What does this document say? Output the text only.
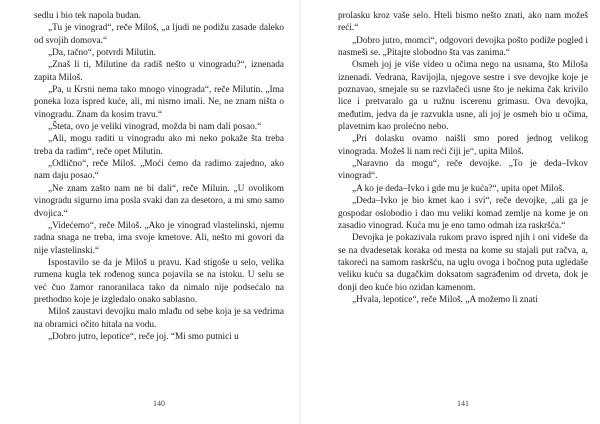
sedlu i bio tek napola budan.

„Tu je vinograd“, reče Miloš, „a ljudi ne podižu zasade daleko od svojih domova.“

„Da, tačno“, potvrdi Milutin.

„Znaš li ti, Milutine da radiš nešto u vinogradu?“, iznenada zapita Miloš.

„Pa, u Krsni nema tako mnogo vinograda“, reče Milutin. „Ima poneka loza ispred kuće, ali, mi nismo imali. Ne, ne znam ništa o vinogradu. Znam da kosim travu.“

„Šteta, ovo je veliki vinograd, možda bi nam dali posao.“

„Ali, mogu raditi u vinogradu ako mi neko pokaže šta treba treba da radim“, reče opet Milutin.

„Odlično“, reče Miloš. „Moći ćemo da radimo zajedno, ako nam daju posao.“

„Ne znam zašto nam ne bi dali“, reče Miluin. „U ovolikom vinogradu sigurno ima posla svaki dan za desetoro, a mi smo samo dvojica.“

„Videćemo“, reče Miloš. „Ako je vinograd vlastelinski, njemu radna snaga ne treba, ima svoje kmetove. Ali, nešto mi govori da nije vlastelinski.“

Ispostavilo se da je Miloš u pravu. Kad stigoše u selo, velika rumena kugla tek rođenog sunca pojavila se na istoku. U selu se već čuo žamor ranoranilaca tako da nimalo nije podsećalo na prethodno koje je izgledalo onako sablasno.

Miloš zaustavi devojku malo mlađu od sebe koja je sa vedrima na obramici očito hitala na vodu.

„Dobro jutro, lepotice“, reče joj. “Mi smo putnici u

140

prolasku kroz vaše selo. Hteli bismo nešto znati, ako nam možeš reći.“

„Dobro jutro, momci“, odgovori devojka pošto podiže pogled i nasmeši se. „Pitajte slobodno šta vas zanima.“

Osmeh joj je više video u očima nego na usnama, što Miloša iznenadi. Vedrana, Ravijojla, njegove sestre i sve devojke koje je poznavao, smejale su se razvlačeći usne što je nekima čak krivilo lice i pretvaralo ga u ružnu iscerenu grimasu. Ova devojka, međutim, jedva da je razvukla usne, ali joj je osmeh bio u očima, plavetnim kao prolećno nebo.

„Pri dolasku ovamo naišli smo pored jednog velikog vinograda. Možeš li nam reći čiji je“, upita Miloš.

„Naravno da mogu“, reče devojke. „To je deda–Ivkov vinograd“.

„A ko je deda–Ivko i gde mu je kuća?“, upita opet Miloš.

„Deda–Ivko je bio kmet kao i svi“, reče devojke, „ali ga je gospodar oslobodio i dao mu veliki komad zemlje na kome je on zasadio vinograd. Kuća mu je eno tamo odmah iza raskršća.“

Devojka je pokazivala rukom pravo ispred njih i oni videše da se na dvadesetak koraka od mesta na kome su stajali put račva, a, takoreći na samom raskršću, na uglu ovoga i bočnog puta ugledaše veliku kuću sa dugačkim doksatom sagrađenim od drveta, dok je donji deo kuće bio ozidan kamenom.

„Hvala, lepotice“, reče Miloš. „A možemo li znati

141
